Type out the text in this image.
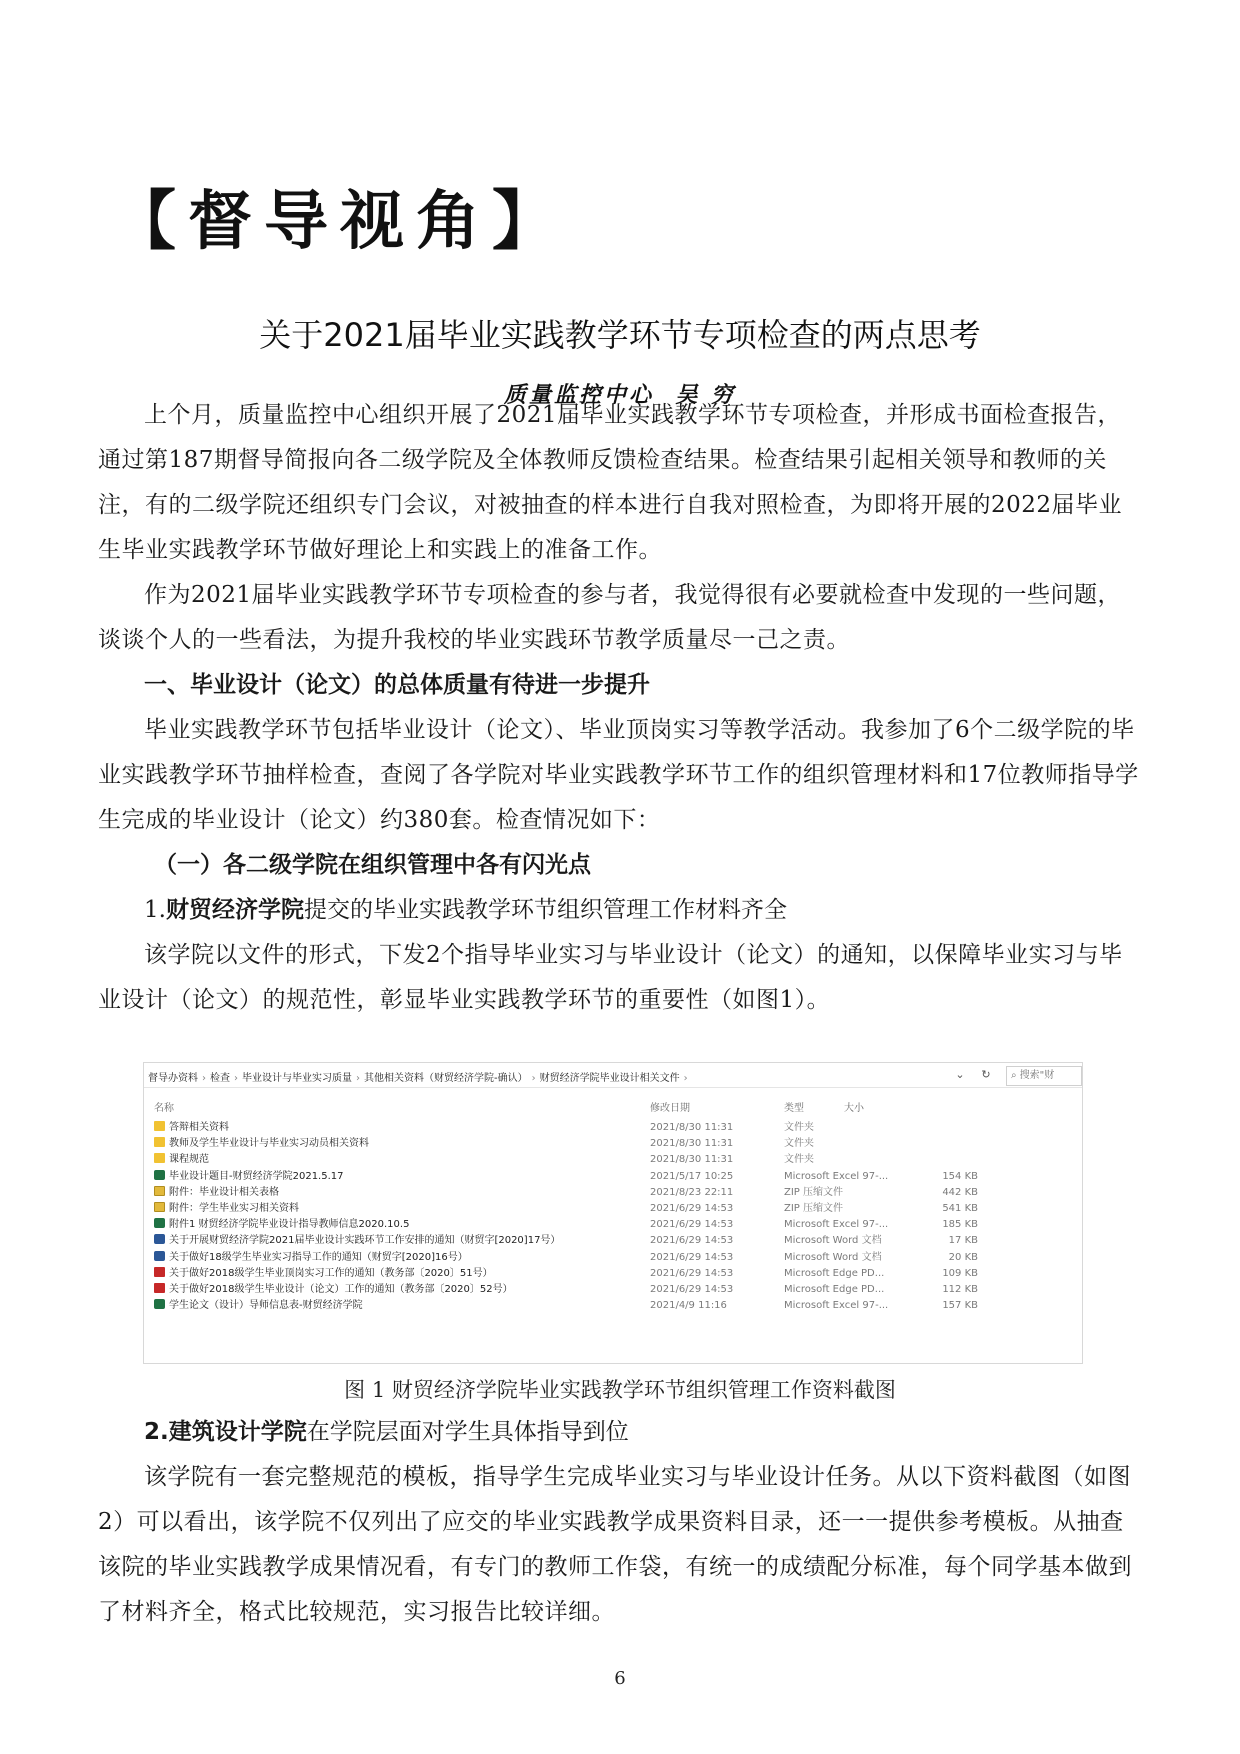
【督导视角】
关于2021届毕业实践教学环节专项检查的两点思考
质量监控中心  吴 穷

上个月，质量监控中心组织开展了2021届毕业实践教学环节专项检查，并形成书面检查报告，通过第187期督导简报向各二级学院及全体教师反馈检查结果。检查结果引起相关领导和教师的关注，有的二级学院还组织专门会议，对被抽查的样本进行自我对照检查，为即将开展的2022届毕业生毕业实践教学环节做好理论上和实践上的准备工作。

作为2021届毕业实践教学环节专项检查的参与者，我觉得很有必要就检查中发现的一些问题，谈谈个人的一些看法，为提升我校的毕业实践环节教学质量尽一己之责。

一、毕业设计（论文）的总体质量有待进一步提升

毕业实践教学环节包括毕业设计（论文）、毕业顶岗实习等教学活动。我参加了6个二级学院的毕业实践教学环节抽样检查，查阅了各学院对毕业实践教学环节工作的组织管理材料和17位教师指导学生完成的毕业设计（论文）约380套。检查情况如下：

（一）各二级学院在组织管理中各有闪光点

1.财贸经济学院提交的毕业实践教学环节组织管理工作材料齐全

该学院以文件的形式，下发2个指导毕业实习与毕业设计（论文）的通知，以保障毕业实习与毕业设计（论文）的规范性，彰显毕业实践教学环节的重要性（如图1）。

督导办资料 › 检查 › 毕业设计与毕业实习质量 › 其他相关资料（财贸经济学院-确认） › 财贸经济学院毕业设计相关文件 ›	⌄	↻	⌕ 搜索"财
名称	修改日期	类型	大小
答辩相关资料	2021/8/30 11:31	文件夹
教师及学生毕业设计与毕业实习动员相关资料	2021/8/30 11:31	文件夹
课程规范	2021/8/30 11:31	文件夹
毕业设计题目-财贸经济学院2021.5.17	2021/5/17 10:25	Microsoft Excel 97-...	154 KB
附件：毕业设计相关表格	2021/8/23 22:11	ZIP 压缩文件	442 KB
附件：学生毕业实习相关资料	2021/6/29 14:53	ZIP 压缩文件	541 KB
附件1 财贸经济学院毕业设计指导教师信息2020.10.5	2021/6/29 14:53	Microsoft Excel 97-...	185 KB
关于开展财贸经济学院2021届毕业设计实践环节工作安排的通知（财贸字[2020]17号）	2021/6/29 14:53	Microsoft Word 文档	17 KB
关于做好18级学生毕业实习指导工作的通知（财贸字[2020]16号）	2021/6/29 14:53	Microsoft Word 文档	20 KB
关于做好2018级学生毕业顶岗实习工作的通知（教务部〔2020〕51号）	2021/6/29 14:53	Microsoft Edge PD...	109 KB
关于做好2018级学生毕业设计（论文）工作的通知（教务部〔2020〕52号）	2021/6/29 14:53	Microsoft Edge PD...	112 KB
学生论文（设计）导师信息表-财贸经济学院	2021/4/9 11:16	Microsoft Excel 97-...	157 KB
图 1 财贸经济学院毕业实践教学环节组织管理工作资料截图

2.建筑设计学院在学院层面对学生具体指导到位

该学院有一套完整规范的模板，指导学生完成毕业实习与毕业设计任务。从以下资料截图（如图2）可以看出，该学院不仅列出了应交的毕业实践教学成果资料目录，还一一提供参考模板。从抽查该院的毕业实践教学成果情况看，有专门的教师工作袋，有统一的成绩配分标准，每个同学基本做到了材料齐全，格式比较规范，实习报告比较详细。

6
